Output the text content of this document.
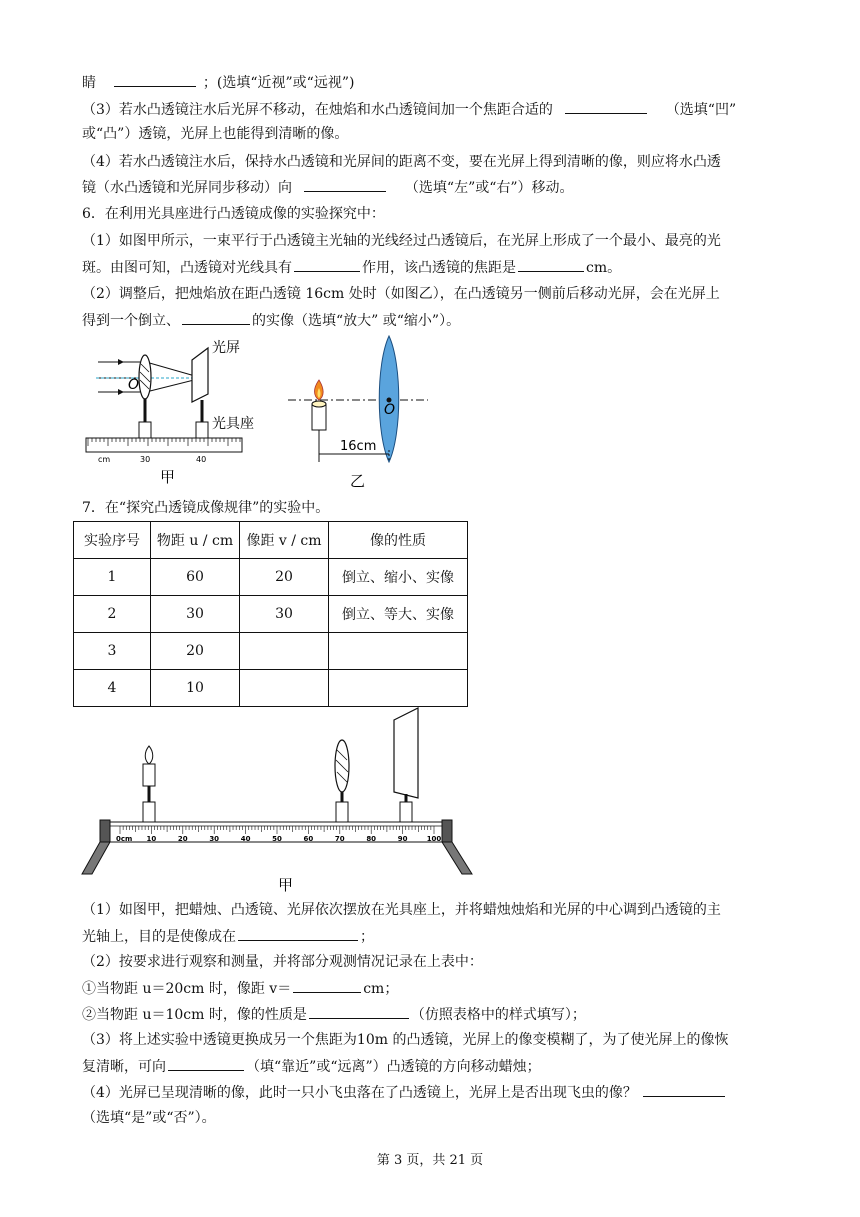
睛	；(选填“近视”或“远视”)
（3）若水凸透镜注水后光屏不移动，在烛焰和水凸透镜间加一个焦距合适的	（选填“凹”
或“凸”）透镜，光屏上也能得到清晰的像。
（4）若水凸透镜注水后，保持水凸透镜和光屏间的距离不变，要在光屏上得到清晰的像，则应将水凸透
镜（水凸透镜和光屏同步移动）向	（选填“左”或“右”）移动。
6．在利用光具座进行凸透镜成像的实验探究中：
（1）如图甲所示，一束平行于凸透镜主光轴的光线经过凸透镜后，在光屏上形成了一个最小、最亮的光
斑。由图可知，凸透镜对光线具有	作用，该凸透镜的焦距是	cm。
（2）调整后，把烛焰放在距凸透镜 16cm 处时（如图乙），在凸透镜另一侧前后移动光屏，会在光屏上
得到一个倒立、	的实像（选填“放大” 或“缩小”）。
O
光屏
光具座
cm	30	40
甲
O
16cm
乙
7．在“探究凸透镜成像规律”的实验中。
实验序号	物距 u / cm	像距 v / cm	像的性质
1	60	20	倒立、缩小、实像
2	30	30	倒立、等大、实像
3	20		
4	10		
0cm 10	20	30	40	50	60	70	80	90	100
甲
（1）如图甲，把蜡烛、凸透镜、光屏依次摆放在光具座上，并将蜡烛烛焰和光屏的中心调到凸透镜的主
光轴上，目的是使像成在	；
（2）按要求进行观察和测量，并将部分观测情况记录在上表中：
①当物距 u＝20cm 时，像距 v＝	cm；
②当物距 u＝10cm 时，像的性质是	（仿照表格中的样式填写）；
（3）将上述实验中透镜更换成另一个焦距为10m 的凸透镜，光屏上的像变模糊了，为了使光屏上的像恢
复清晰，可向	（填“靠近”或“远离”）凸透镜的方向移动蜡烛；
（4）光屏已呈现清晰的像，此时一只小飞虫落在了凸透镜上，光屏上是否出现飞虫的像？
（选填“是”或“否”）。
第 3 页，共 21 页
